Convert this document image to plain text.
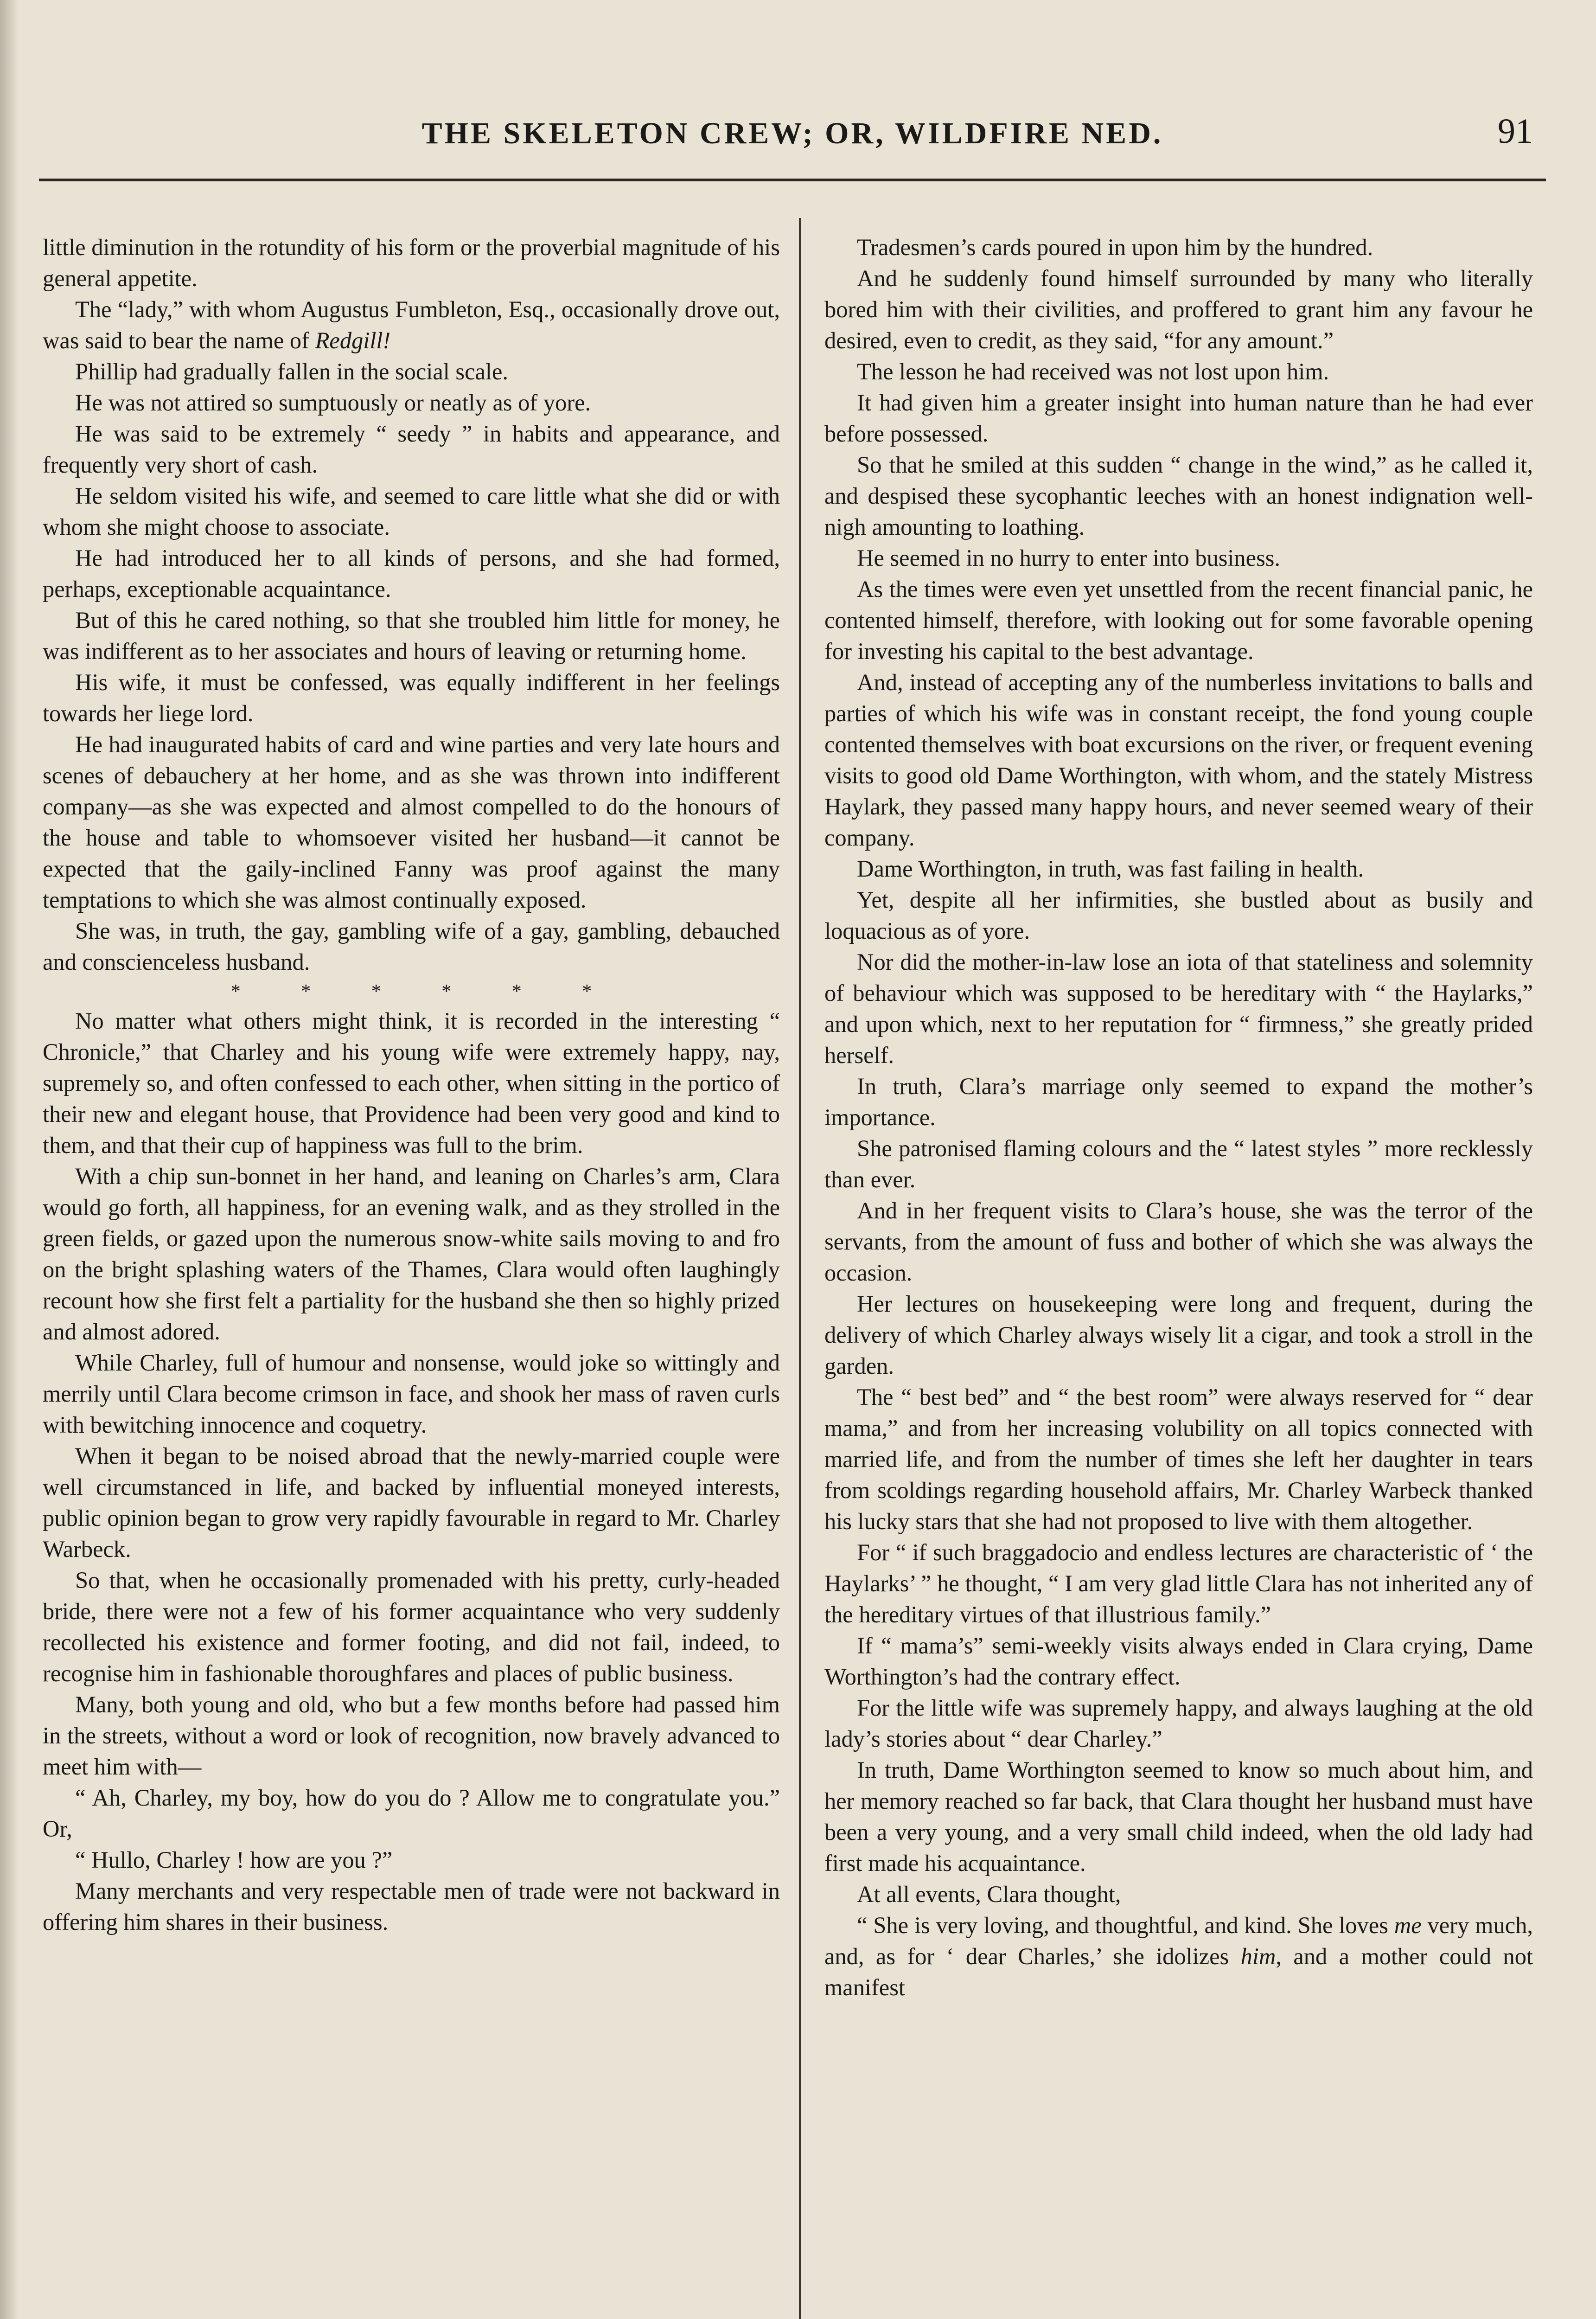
THE SKELETON CREW; OR, WILDFIRE NED.	91

little diminution in the rotundity of his form or the proverbial magnitude of his general appetite.

The “lady,” with whom Augustus Fumbleton, Esq., occasionally drove out, was said to bear the name of Redgill!

Phillip had gradually fallen in the social scale.

He was not attired so sumptuously or neatly as of yore.

He was said to be extremely “ seedy ” in habits and appearance, and frequently very short of cash.

He seldom visited his wife, and seemed to care little what she did or with whom she might choose to associate.

He had introduced her to all kinds of persons, and she had formed, perhaps, exceptionable acquaintance.

But of this he cared nothing, so that she troubled him little for money, he was indifferent as to her associates and hours of leaving or returning home.

His wife, it must be confessed, was equally indifferent in her feelings towards her liege lord.

He had inaugurated habits of card and wine parties and very late hours and scenes of debauchery at her home, and as she was thrown into indifferent company—as she was expected and almost compelled to do the honours of the house and table to whomsoever visited her husband—it cannot be expected that the gaily-inclined Fanny was proof against the many temptations to which she was almost continually exposed.

She was, in truth, the gay, gambling wife of a gay, gambling, debauched and conscienceless husband.

* * * * * *

No matter what others might think, it is recorded in the interesting “ Chronicle,” that Charley and his young wife were extremely happy, nay, supremely so, and often confessed to each other, when sitting in the portico of their new and elegant house, that Providence had been very good and kind to them, and that their cup of happiness was full to the brim.

With a chip sun-bonnet in her hand, and leaning on Charles’s arm, Clara would go forth, all happiness, for an evening walk, and as they strolled in the green fields, or gazed upon the numerous snow-white sails moving to and fro on the bright splashing waters of the Thames, Clara would often laughingly recount how she first felt a partiality for the husband she then so highly prized and almost adored.

While Charley, full of humour and nonsense, would joke so wittingly and merrily until Clara become crimson in face, and shook her mass of raven curls with bewitching innocence and coquetry.

When it began to be noised abroad that the newly-married couple were well circumstanced in life, and backed by influential moneyed interests, public opinion began to grow very rapidly favourable in regard to Mr. Charley Warbeck.

So that, when he occasionally promenaded with his pretty, curly-headed bride, there were not a few of his former acquaintance who very suddenly recollected his existence and former footing, and did not fail, indeed, to recognise him in fashionable thoroughfares and places of public business.

Many, both young and old, who but a few months before had passed him in the streets, without a word or look of recognition, now bravely advanced to meet him with—

“ Ah, Charley, my boy, how do you do ? Allow me to congratulate you.” Or,

“ Hullo, Charley ! how are you ?”

Many merchants and very respectable men of trade were not backward in offering him shares in their business.

Tradesmen’s cards poured in upon him by the hundred.

And he suddenly found himself surrounded by many who literally bored him with their civilities, and proffered to grant him any favour he desired, even to credit, as they said, “for any amount.”

The lesson he had received was not lost upon him.

It had given him a greater insight into human nature than he had ever before possessed.

So that he smiled at this sudden “ change in the wind,” as he called it, and despised these sycophantic leeches with an honest indignation well-nigh amounting to loathing.

He seemed in no hurry to enter into business.

As the times were even yet unsettled from the recent financial panic, he contented himself, therefore, with looking out for some favorable opening for investing his capital to the best advantage.

And, instead of accepting any of the numberless invitations to balls and parties of which his wife was in constant receipt, the fond young couple contented themselves with boat excursions on the river, or frequent evening visits to good old Dame Worthington, with whom, and the stately Mistress Haylark, they passed many happy hours, and never seemed weary of their company.

Dame Worthington, in truth, was fast failing in health.

Yet, despite all her infirmities, she bustled about as busily and loquacious as of yore.

Nor did the mother-in-law lose an iota of that stateliness and solemnity of behaviour which was supposed to be hereditary with “ the Haylarks,” and upon which, next to her reputation for “ firmness,” she greatly prided herself.

In truth, Clara’s marriage only seemed to expand the mother’s importance.

She patronised flaming colours and the “ latest styles ” more recklessly than ever.

And in her frequent visits to Clara’s house, she was the terror of the servants, from the amount of fuss and bother of which she was always the occasion.

Her lectures on housekeeping were long and frequent, during the delivery of which Charley always wisely lit a cigar, and took a stroll in the garden.

The “ best bed” and “ the best room” were always reserved for “ dear mama,” and from her increasing volubility on all topics connected with married life, and from the number of times she left her daughter in tears from scoldings regarding household affairs, Mr. Charley Warbeck thanked his lucky stars that she had not proposed to live with them altogether.

For “ if such braggadocio and endless lectures are characteristic of ‘ the Haylarks’ ” he thought, “ I am very glad little Clara has not inherited any of the hereditary virtues of that illustrious family.”

If “ mama’s” semi-weekly visits always ended in Clara crying, Dame Worthington’s had the contrary effect.

For the little wife was supremely happy, and always laughing at the old lady’s stories about “ dear Charley.”

In truth, Dame Worthington seemed to know so much about him, and her memory reached so far back, that Clara thought her husband must have been a very young, and a very small child indeed, when the old lady had first made his acquaintance.

At all events, Clara thought,

“ She is very loving, and thoughtful, and kind. She loves me very much, and, as for ‘ dear Charles,’ she idolizes him, and a mother could not manifest
